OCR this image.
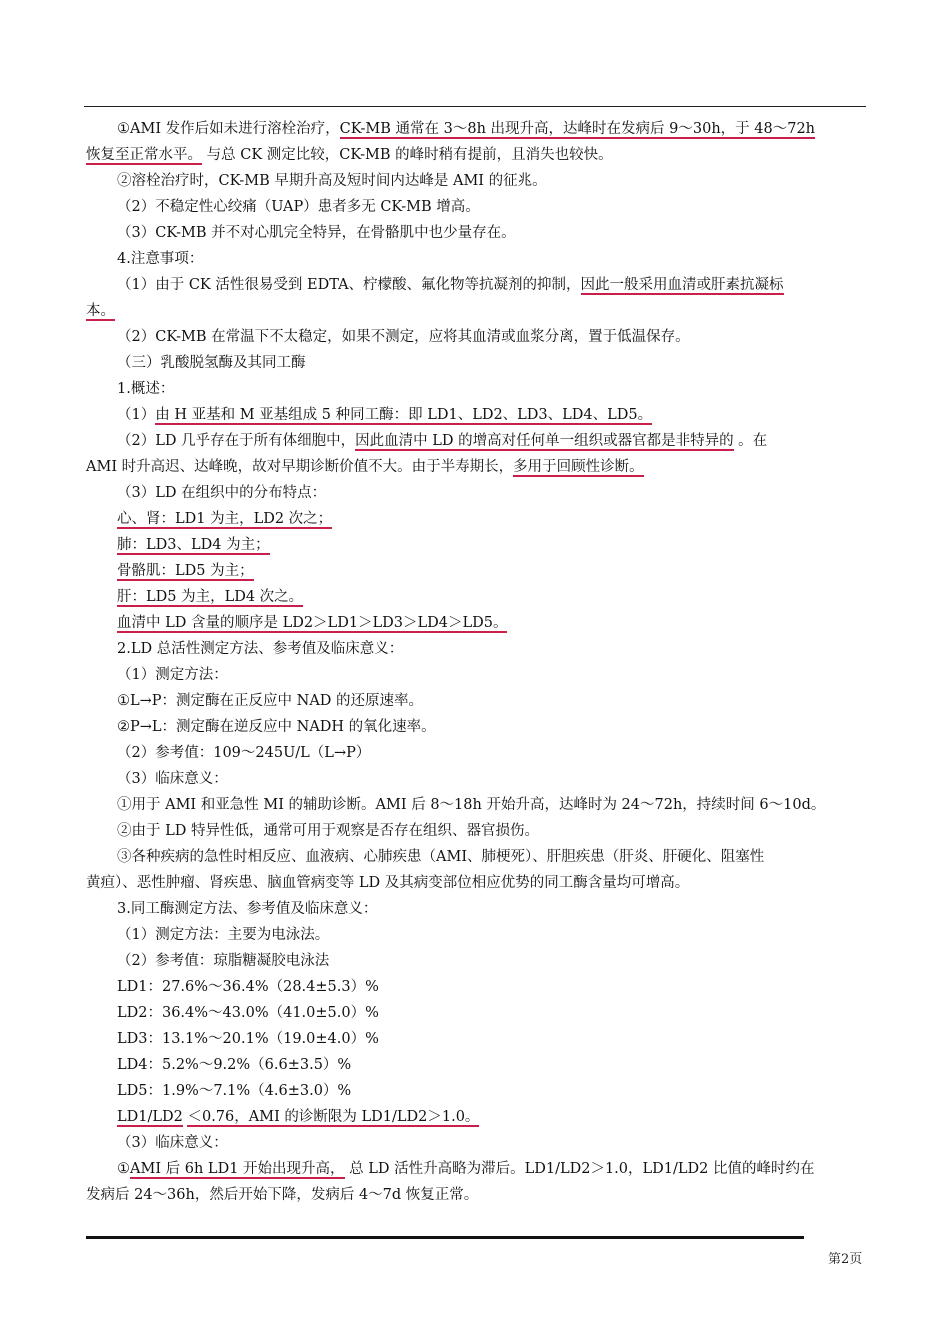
①AMI 发作后如未进行溶栓治疗，CK-MB 通常在 3～8h 出现升高，达峰时在发病后 9～30h，于 48～72h
恢复至正常水平。 与总 CK 测定比较，CK-MB 的峰时稍有提前，且消失也较快。
②溶栓治疗时，CK-MB 早期升高及短时间内达峰是 AMI 的征兆。
（2）不稳定性心绞痛（UAP）患者多无 CK-MB 增高。
（3）CK-MB 并不对心肌完全特异，在骨骼肌中也少量存在。
4.注意事项：
（1）由于 CK 活性很易受到 EDTA、柠檬酸、氟化物等抗凝剂的抑制，因此一般采用血清或肝素抗凝标
本。
（2）CK-MB 在常温下不太稳定，如果不测定，应将其血清或血浆分离，置于低温保存。
（三）乳酸脱氢酶及其同工酶
1.概述：
（1）由 H 亚基和 M 亚基组成 5 种同工酶：即 LD1、LD2、LD3、LD4、LD5。
（2）LD 几乎存在于所有体细胞中，因此血清中 LD 的增高对任何单一组织或器官都是非特异的 。在
AMI 时升高迟、达峰晚，故对早期诊断价值不大。由于半寿期长，多用于回顾性诊断。
（3）LD 在组织中的分布特点：
心、肾：LD1 为主，LD2 次之；
肺：LD3、LD4 为主；
骨骼肌：LD5 为主；
肝：LD5 为主，LD4 次之。
血清中 LD 含量的顺序是 LD2＞LD1＞LD3＞LD4＞LD5。
2.LD 总活性测定方法、参考值及临床意义：
（1）测定方法：
①L→P：测定酶在正反应中 NAD 的还原速率。
②P→L：测定酶在逆反应中 NADH 的氧化速率。
（2）参考值：109～245U/L（L→P）
（3）临床意义：
①用于 AMI 和亚急性 MI 的辅助诊断。AMI 后 8～18h 开始升高，达峰时为 24～72h，持续时间 6～10d。
②由于 LD 特异性低，通常可用于观察是否存在组织、器官损伤。
③各种疾病的急性时相反应、血液病、心肺疾患（AMI、肺梗死）、肝胆疾患（肝炎、肝硬化、阻塞性
黄疸）、恶性肿瘤、肾疾患、脑血管病变等 LD 及其病变部位相应优势的同工酶含量均可增高。
3.同工酶测定方法、参考值及临床意义：
（1）测定方法：主要为电泳法。
（2）参考值：琼脂糖凝胶电泳法
LD1：27.6%～36.4%（28.4±5.3）%
LD2：36.4%～43.0%（41.0±5.0）%
LD3：13.1%～20.1%（19.0±4.0）%
LD4：5.2%～9.2%（6.6±3.5）%
LD5：1.9%～7.1%（4.6±3.0）%
LD1/LD2 ＜0.76，AMI 的诊断限为 LD1/LD2＞1.0。
（3）临床意义：
①AMI 后 6h LD1 开始出现升高， 总 LD 活性升高略为滞后。LD1/LD2＞1.0，LD1/LD2 比值的峰时约在
发病后 24～36h，然后开始下降，发病后 4～7d 恢复正常。
第2页
